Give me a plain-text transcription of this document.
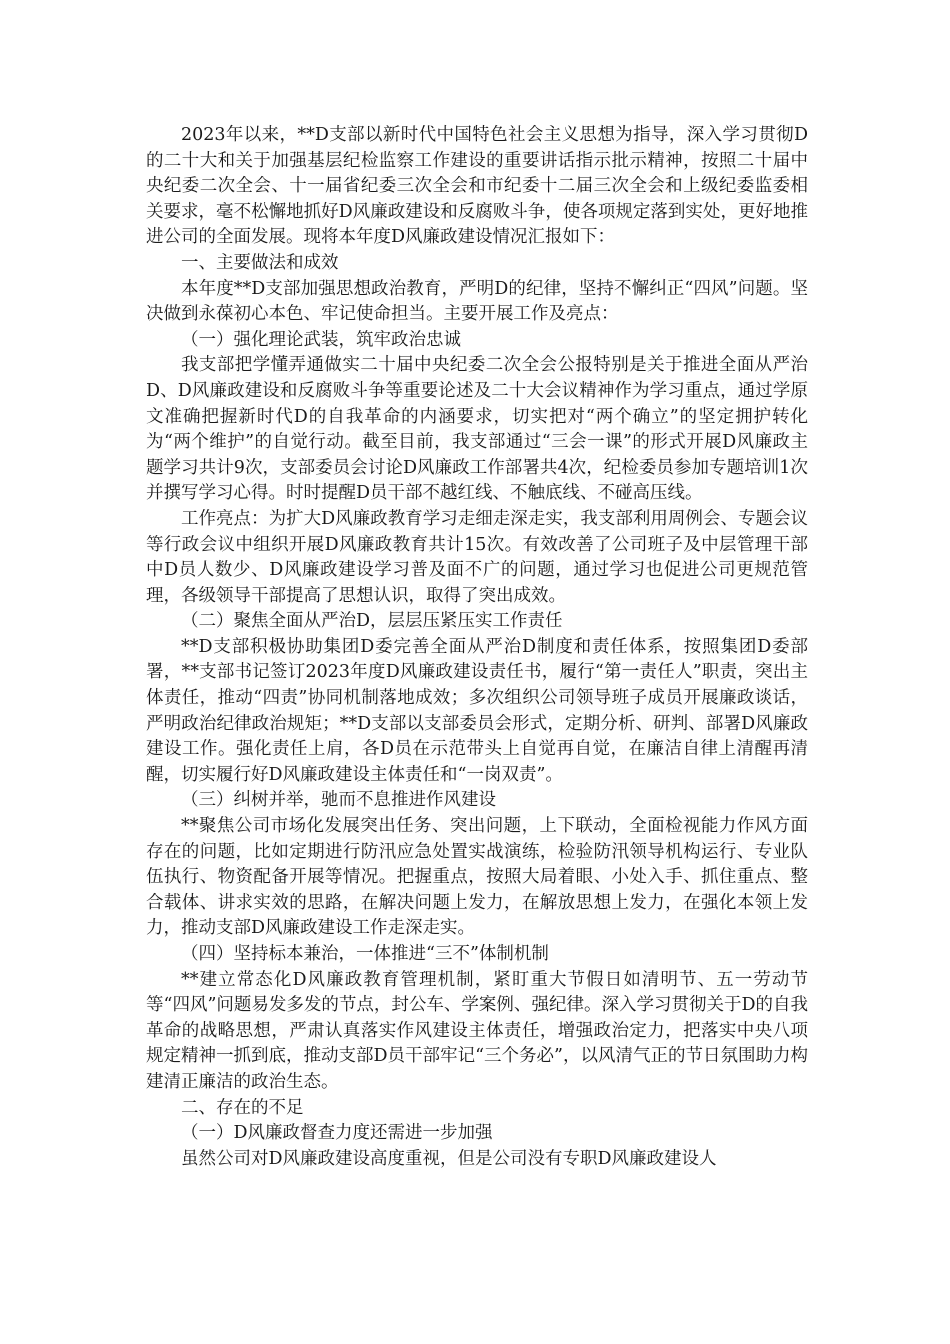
2023年以来，**D支部以新时代中国特色社会主义思想为指导，深入学习贯彻D的二十大和关于加强基层纪检监察工作建设的重要讲话指示批示精神，按照二十届中央纪委二次全会、十一届省纪委三次全会和市纪委十二届三次全会和上级纪委监委相关要求，毫不松懈地抓好D风廉政建设和反腐败斗争，使各项规定落到实处，更好地推进公司的全面发展。现将本年度D风廉政建设情况汇报如下：

一、主要做法和成效

本年度**D支部加强思想政治教育，严明D的纪律，坚持不懈纠正“四风”问题。坚决做到永葆初心本色、牢记使命担当。主要开展工作及亮点：

（一）强化理论武装，筑牢政治忠诚

我支部把学懂弄通做实二十届中央纪委二次全会公报特别是关于推进全面从严治D、D风廉政建设和反腐败斗争等重要论述及二十大会议精神作为学习重点，通过学原文准确把握新时代D的自我革命的内涵要求，切实把对“两个确立”的坚定拥护转化为“两个维护”的自觉行动。截至目前，我支部通过“三会一课”的形式开展D风廉政主题学习共计9次，支部委员会讨论D风廉政工作部署共4次，纪检委员参加专题培训1次并撰写学习心得。时时提醒D员干部不越红线、不触底线、不碰高压线。

工作亮点：为扩大D风廉政教育学习走细走深走实，我支部利用周例会、专题会议等行政会议中组织开展D风廉政教育共计15次。有效改善了公司班子及中层管理干部中D员人数少、D风廉政建设学习普及面不广的问题，通过学习也促进公司更规范管理，各级领导干部提高了思想认识，取得了突出成效。

（二）聚焦全面从严治D，层层压紧压实工作责任

**D支部积极协助集团D委完善全面从严治D制度和责任体系，按照集团D委部署，**支部书记签订2023年度D风廉政建设责任书，履行“第一责任人”职责，突出主体责任，推动“四责”协同机制落地成效；多次组织公司领导班子成员开展廉政谈话，严明政治纪律政治规矩；**D支部以支部委员会形式，定期分析、研判、部署D风廉政建设工作。强化责任上肩，各D员在示范带头上自觉再自觉，在廉洁自律上清醒再清醒，切实履行好D风廉政建设主体责任和“一岗双责”。

（三）纠树并举，驰而不息推进作风建设

**聚焦公司市场化发展突出任务、突出问题，上下联动，全面检视能力作风方面存在的问题，比如定期进行防汛应急处置实战演练，检验防汛领导机构运行、专业队伍执行、物资配备开展等情况。把握重点，按照大局着眼、小处入手、抓住重点、整合载体、讲求实效的思路，在解决问题上发力，在解放思想上发力，在强化本领上发力，推动支部D风廉政建设工作走深走实。

（四）坚持标本兼治，一体推进“三不”体制机制

**建立常态化D风廉政教育管理机制，紧盯重大节假日如清明节、五一劳动节等“四风”问题易发多发的节点，封公车、学案例、强纪律。深入学习贯彻关于D的自我革命的战略思想，严肃认真落实作风建设主体责任，增强政治定力，把落实中央八项规定精神一抓到底，推动支部D员干部牢记“三个务必”，以风清气正的节日氛围助力构建清正廉洁的政治生态。

二、存在的不足

（一）D风廉政督查力度还需进一步加强

虽然公司对D风廉政建设高度重视，但是公司没有专职D风廉政建设人
